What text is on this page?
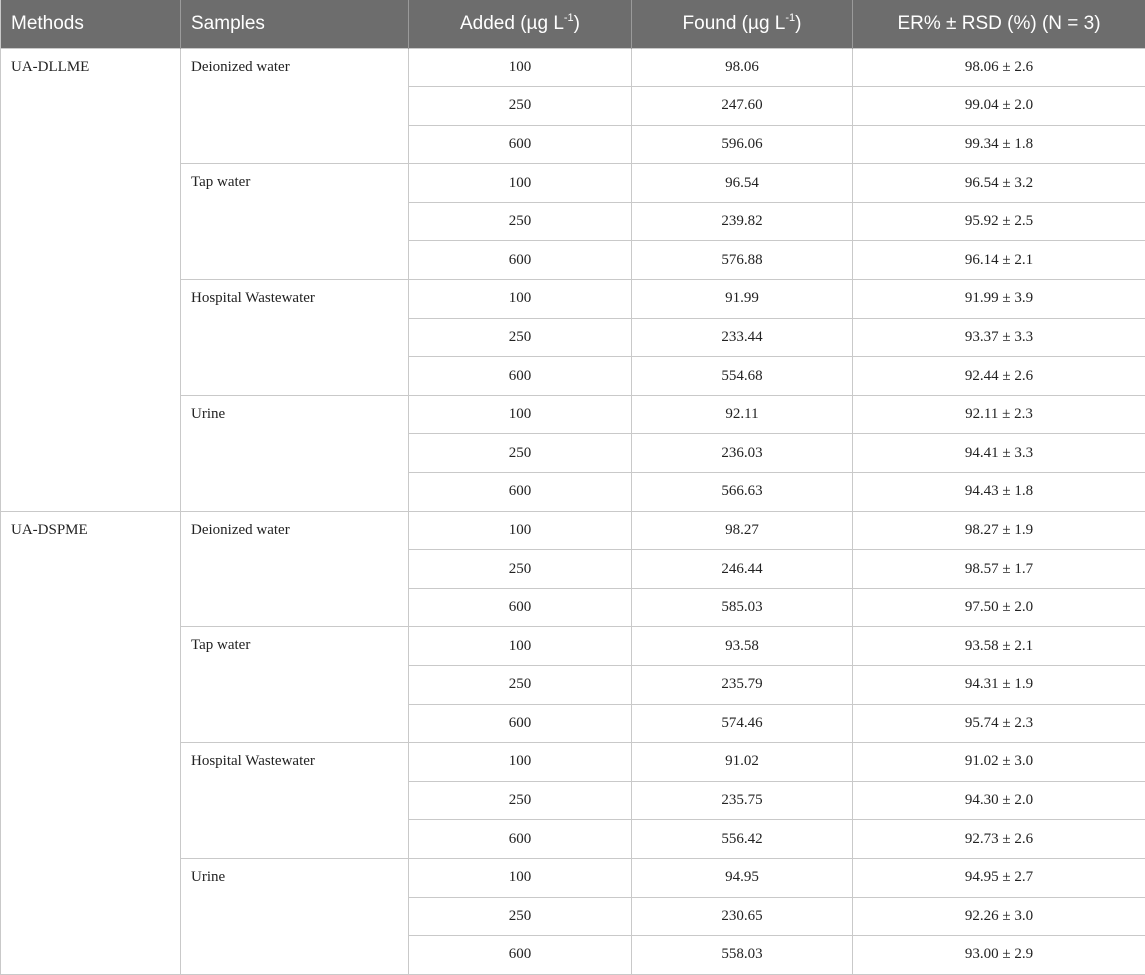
Methods	Samples	Added (µg $L^{-1}$)	Found (µg $L^{-1}$)	ER% ± RSD (%) (N = 3)
UA-DLLME	Deionized water	100	98.06	98.06 ± 2.6
		250	247.60	99.04 ± 2.0
		600	596.06	99.34 ± 1.8
	Tap water	100	96.54	96.54 ± 3.2
		250	239.82	95.92 ± 2.5
		600	576.88	96.14 ± 2.1
	Hospital Wastewater	100	91.99	91.99 ± 3.9
		250	233.44	93.37 ± 3.3
		600	554.68	92.44 ± 2.6
	Urine	100	92.11	92.11 ± 2.3
		250	236.03	94.41 ± 3.3
		600	566.63	94.43 ± 1.8
UA-DSPME	Deionized water	100	98.27	98.27 ± 1.9
		250	246.44	98.57 ± 1.7
		600	585.03	97.50 ± 2.0
	Tap water	100	93.58	93.58 ± 2.1
		250	235.79	94.31 ± 1.9
		600	574.46	95.74 ± 2.3
	Hospital Wastewater	100	91.02	91.02 ± 3.0
		250	235.75	94.30 ± 2.0
		600	556.42	92.73 ± 2.6
	Urine	100	94.95	94.95 ± 2.7
		250	230.65	92.26 ± 3.0
		600	558.03	93.00 ± 2.9
